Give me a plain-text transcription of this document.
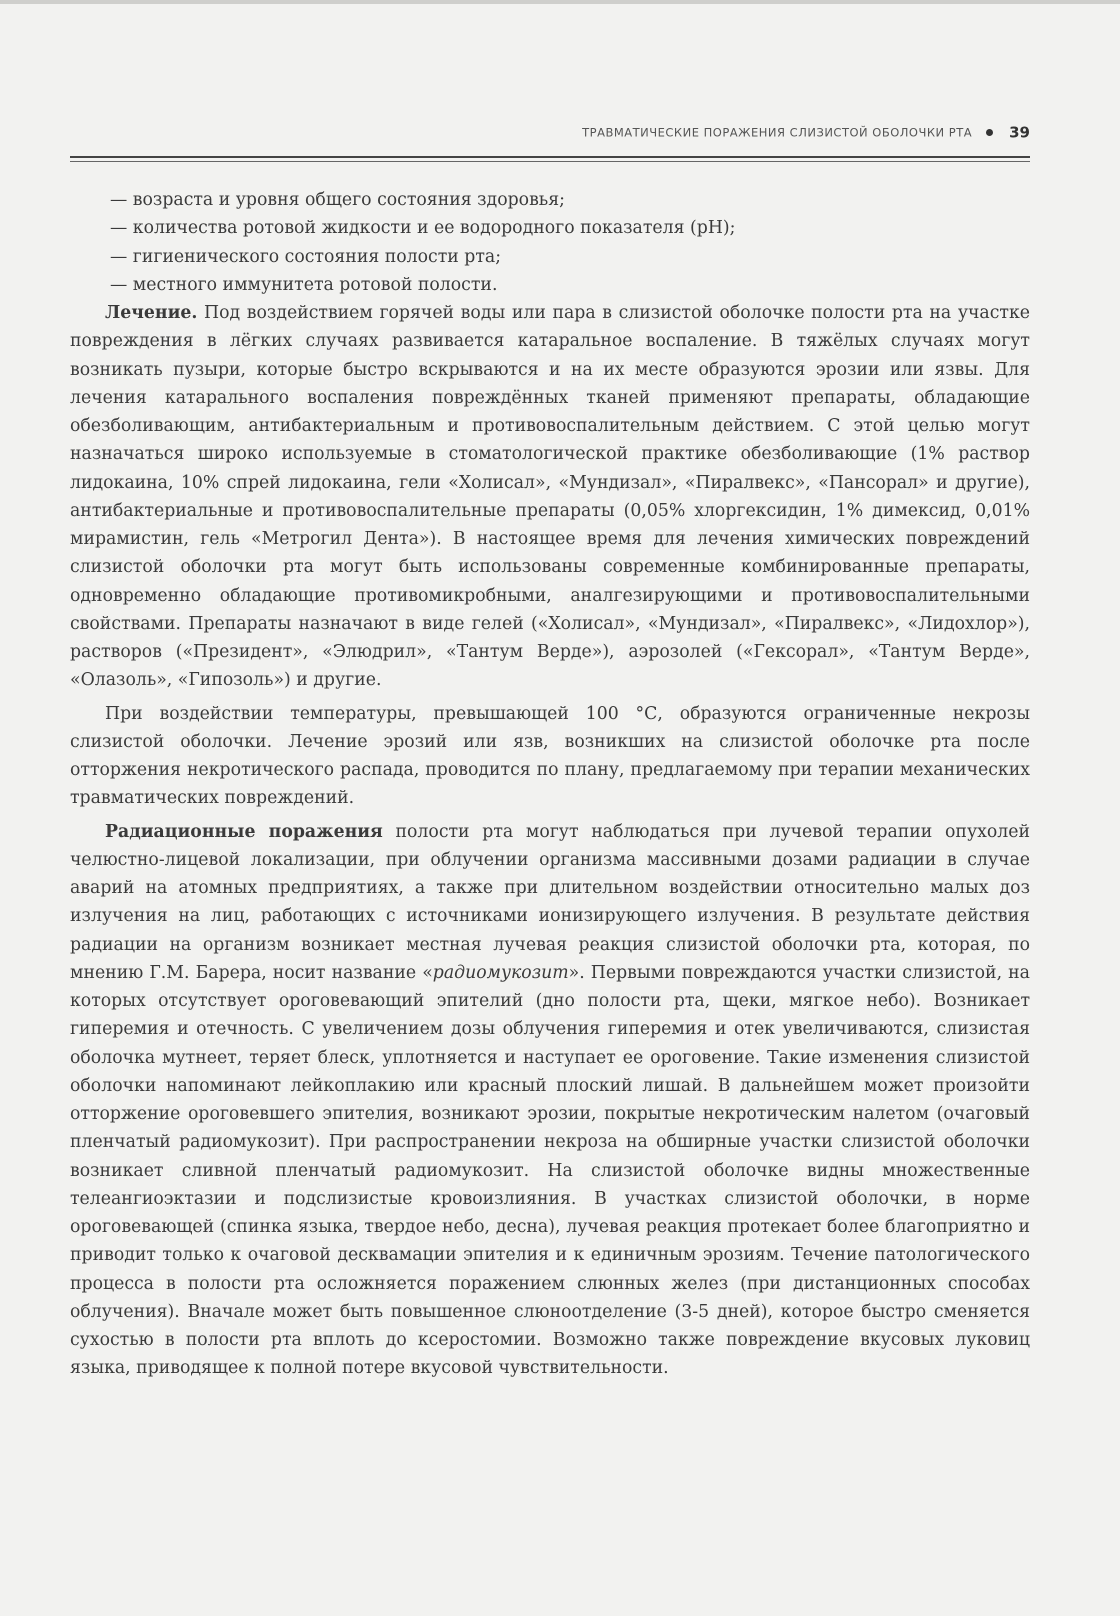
ТРАВМАТИЧЕСКИЕ ПОРАЖЕНИЯ СЛИЗИСТОЙ ОБОЛОЧКИ РТА 39

— возраста и уровня общего состояния здоровья;

— количества ротовой жидкости и ее водородного показателя (pH);

— гигиенического состояния полости рта;

— местного иммунитета ротовой полости.

Лечение. Под воздействием горячей воды или пара в слизистой оболочке полости рта на участке повреждения в лёгких случаях развивается катаральное воспаление. В тяжёлых случаях могут возникать пузыри, которые быстро вскрываются и на их месте образуются эрозии или язвы. Для лечения катарального воспаления повреждённых тканей применяют препараты, обладающие обезболивающим, антибактериальным и противовоспалительным действием. С этой целью могут назначаться широко используемые в стоматологической практике обезболивающие (1% раствор лидокаина, 10% спрей лидокаина, гели «Холисал», «Мундизал», «Пиралвекс», «Пансорал» и другие), антибактериальные и противовоспалительные препараты (0,05% хлоргексидин, 1% димексид, 0,01% мирамистин, гель «Метрогил Дента»). В настоящее время для лечения химических повреждений слизистой оболочки рта могут быть использованы современные комбинированные препараты, одновременно обладающие противомикробными, аналгезирующими и противовоспалительными свойствами. Препараты назначают в виде гелей («Холисал», «Мундизал», «Пиралвекс», «Лидохлор»), растворов («Президент», «Элюдрил», «Тантум Верде»), аэрозолей («Гексорал», «Тантум Верде», «Олазоль», «Гипозоль») и другие.

При воздействии температуры, превышающей 100 °С, образуются ограниченные некрозы слизистой оболочки. Лечение эрозий или язв, возникших на слизистой оболочке рта после отторжения некротического распада, проводится по плану, предлагаемому при терапии механических травматических повреждений.

Радиационные поражения полости рта могут наблюдаться при лучевой терапии опухолей челюстно-лицевой локализации, при облучении организма массивными дозами радиации в случае аварий на атомных предприятиях, а также при длительном воздействии относительно малых доз излучения на лиц, работающих с источниками ионизирующего излучения. В результате действия радиации на организм возникает местная лучевая реакция слизистой оболочки рта, которая, по мнению Г.М. Барера, носит название «радиомукозит». Первыми повреждаются участки слизистой, на которых отсутствует ороговевающий эпителий (дно полости рта, щеки, мягкое небо). Возникает гиперемия и отечность. С увеличением дозы облучения гиперемия и отек увеличиваются, слизистая оболочка мутнеет, теряет блеск, уплотняется и наступает ее ороговение. Такие изменения слизистой оболочки напоминают лейкоплакию или красный плоский лишай. В дальнейшем может произойти отторжение ороговевшего эпителия, возникают эрозии, покрытые некротическим налетом (очаговый пленчатый радиомукозит). При распространении некроза на обширные участки слизистой оболочки возникает сливной пленчатый радиомукозит. На слизистой оболочке видны множественные телеангиоэктазии и подслизистые кровоизлияния. В участках слизистой оболочки, в норме ороговевающей (спинка языка, твердое небо, десна), лучевая реакция протекает более благоприятно и приводит только к очаговой десквамации эпителия и к единичным эрозиям. Течение патологического процесса в полости рта осложняется поражением слюнных желез (при дистанционных способах облучения). Вначале может быть повышенное слюноотделение (3-5 дней), которое быстро сменяется сухостью в полости рта вплоть до ксеростомии. Возможно также повреждение вкусовых луковиц языка, приводящее к полной потере вкусовой чувствительности.
